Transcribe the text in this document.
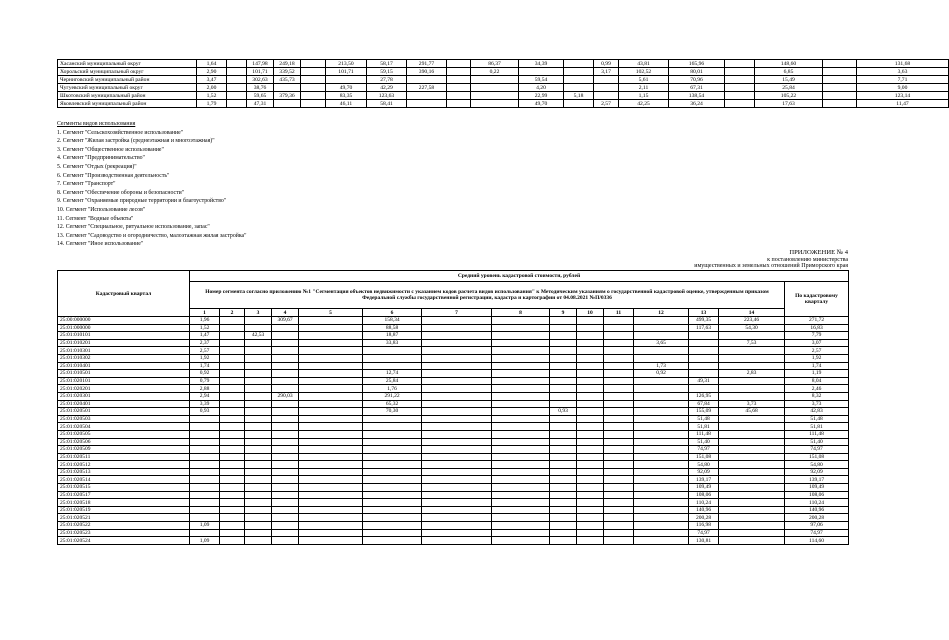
Хасанский муниципальный округ	1,64		147,98	249,18		213,50	58,17	291,77		86,37	34,39		0,99	43,81	165,96		148,60		131,68
Хорольский муниципальный округ	2,90		101,71	339,52		101,71	59,15	390,16		0,22			3,17	102,52	80,01		6,85		3,63
Черниговский муниципальный район	3,47		302,63	435,73			27,78				59,54			5,61	70,96		15,49		7,71
Чугуевский муниципальный округ	2,00		38,76			49,70	42,29	227,58			4,20			2,11	67,31		25,84		9,00
Шкотовский муниципальный район	1,52		59,65	379,36		83,35	123,63				22,99	5,18		1,15	138,54		105,22		123,14
Яковлевский муниципальный район	1,79		47,31			46,11	58,41				49,70		2,57	42,25	36,24		17,63		11,47
Сегменты видов использования
1. Сегмент "Сельскохозяйственное использование"
2. Сегмент "Жилая застройка (среднеэтажная и многоэтажная)"
3. Сегмент "Общественное использование"
4. Сегмент "Предпринимательство"
5. Сегмент "Отдых (рекреация)"
6. Сегмент "Производственная деятельность"
7. Сегмент "Транспорт"
8. Сегмент "Обеспечение обороны и безопасности"
9. Сегмент "Охраняемые природные территории и благоустройство"
10. Сегмент "Использование лесов"
11. Сегмент "Водные объекты"
12. Сегмент "Специальное, ритуальное использование, запас"
13. Сегмент "Садоводство и огородничество, малоэтажная жилая застройка"
14. Сегмент "Иное использование"
ПРИЛОЖЕНИЕ № 4
к постановлению министерства
имущественных и земельных отношений Приморского края
Кадастровый квартал	Средний уровень кадастровой стоимости, рублей														
	Номер сегмента согласно приложению №1 "Сегментация объектов недвижимости с указанием кодов расчета видов использования" к Методическим указаниям о государственной кадастровой оценке, утвержденным приказом Федеральной службы государственной регистрации, кадастра и картографии от 04.08.2021 №П/0336														По кадастровому кварталу
	1	2	3	4	5	6	7	8	9	10	11	12	13	14	
25:00:000000	1,96			309,67		158,34							499,35	223,46	271,72
25:01:000000	1,52					88,58							117,63	54,30	16,83
25:01:010101	1,47		42,53			18,87									7,79
25:01:010201	2,37					33,83						3,65		7,53	3,07
25:01:010301	2,57														2,57
25:01:010302	1,92														1,92
25:01:010401	1,74											1,73			1,74
25:01:010501	0,92					12,74						0,92		2,83	1,19
25:01:020101	0,79					25,84							49,31		8,04
25:01:020201	2,88					1,76									2,46
25:01:020301	2,94			290,03		291,22							126,95		8,32
25:01:020401	3,39					65,32							67,84	3,73	3,73
25:01:020501	0,93					70,30			0,93				155,09	45,68	42,83
25:01:020503													51,48		51,48
25:01:020504													51,81		51,81
25:01:020505													111,48		111,48
25:01:020506													51,40		51,40
25:01:020509													74,97		74,97
25:01:020511													151,08		151,08
25:01:020512													54,80		54,80
25:01:020513													92,09		92,09
25:01:020514													139,17		139,17
25:01:020515													109,49		109,49
25:01:020517													108,06		108,06
25:01:020518													110,24		110,24
25:01:020519													140,96		140,96
25:01:020521													200,28		200,28
25:01:020522	1,09												116,98		97,06
25:01:020523													74,97		74,97
25:01:020524	1,09												130,81		114,60
